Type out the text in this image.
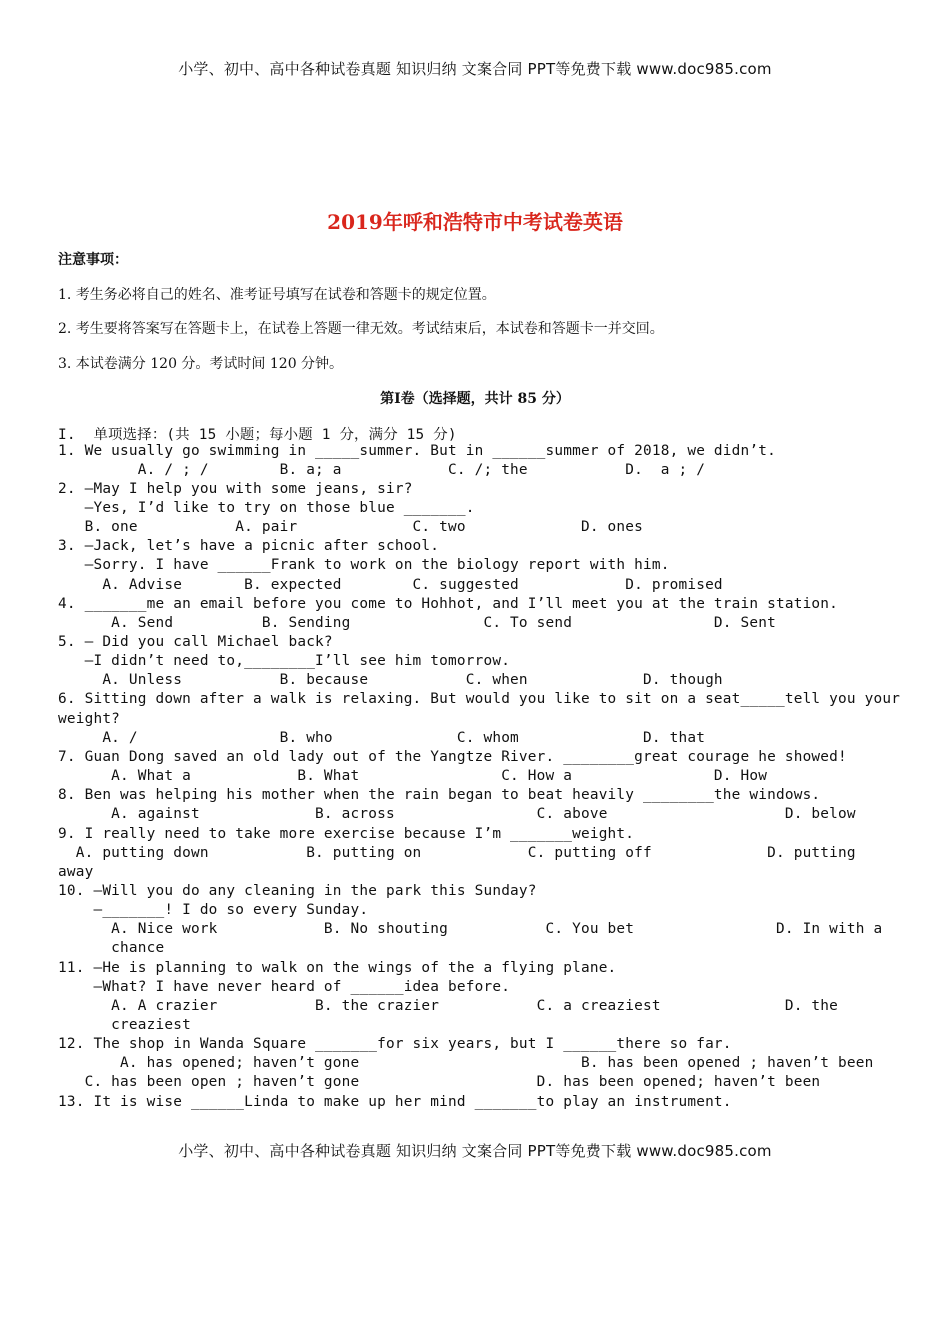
小学、初中、高中各种试卷真题 知识归纳 文案合同 PPT等免费下载 www.doc985.com
2019年呼和浩特市中考试卷英语
注意事项：
1. 考生务必将自己的姓名、准考证号填写在试卷和答题卡的规定位置。
2. 考生要将答案写在答题卡上，在试卷上答题一律无效。考试结束后，本试卷和答题卡一并交回。
3. 本试卷满分 120 分。考试时间 120 分钟。
第Ⅰ卷（选择题，共计 85 分）
I.  单项选择：(共 15 小题；每小题 1 分，满分 15 分)
1. We usually go swimming in _____summer. But in ______summer of 2018, we didn’t.
A. / ; /        B. a; a            C. /; the           D.  a ; /
2. —May I help you with some jeans, sir?
—Yes, I’d like to try on those blue _______.
B. one           A. pair             C. two             D. ones
3. —Jack, let’s have a picnic after school.
—Sorry. I have ______Frank to work on the biology report with him.
A. Advise       B. expected        C. suggested            D. promised
4. _______me an email before you come to Hohhot, and I’ll meet you at the train station.
A. Send          B. Sending               C. To send                D. Sent
5. — Did you call Michael back?
—I didn’t need to,________I’ll see him tomorrow.
A. Unless           B. because           C. when             D. though
6. Sitting down after a walk is relaxing. But would you like to sit on a seat_____tell you your
weight?
A. /                B. who              C. whom              D. that
7. Guan Dong saved an old lady out of the Yangtze River. ________great courage he showed!
A. What a            B. What                C. How a                D. How
8. Ben was helping his mother when the rain began to beat heavily ________the windows.
A. against             B. across                C. above                    D. below
9. I really need to take more exercise because I’m _______weight.
A. putting down           B. putting on            C. putting off             D. putting
away
10. —Will you do any cleaning in the park this Sunday?
—_______! I do so every Sunday.
A. Nice work            B. No shouting           C. You bet                D. In with a
chance
11. —He is planning to walk on the wings of the a flying plane.
—What? I have never heard of ______idea before.
A. A crazier           B. the crazier           C. a creaziest              D. the
creaziest
12. The shop in Wanda Square _______for six years, but I ______there so far.
A. has opened; haven’t gone                         B. has been opened ; haven’t been
C. has been open ; haven’t gone                    D. has been opened; haven’t been
13. It is wise ______Linda to make up her mind _______to play an instrument.
小学、初中、高中各种试卷真题 知识归纳 文案合同 PPT等免费下载 www.doc985.com
